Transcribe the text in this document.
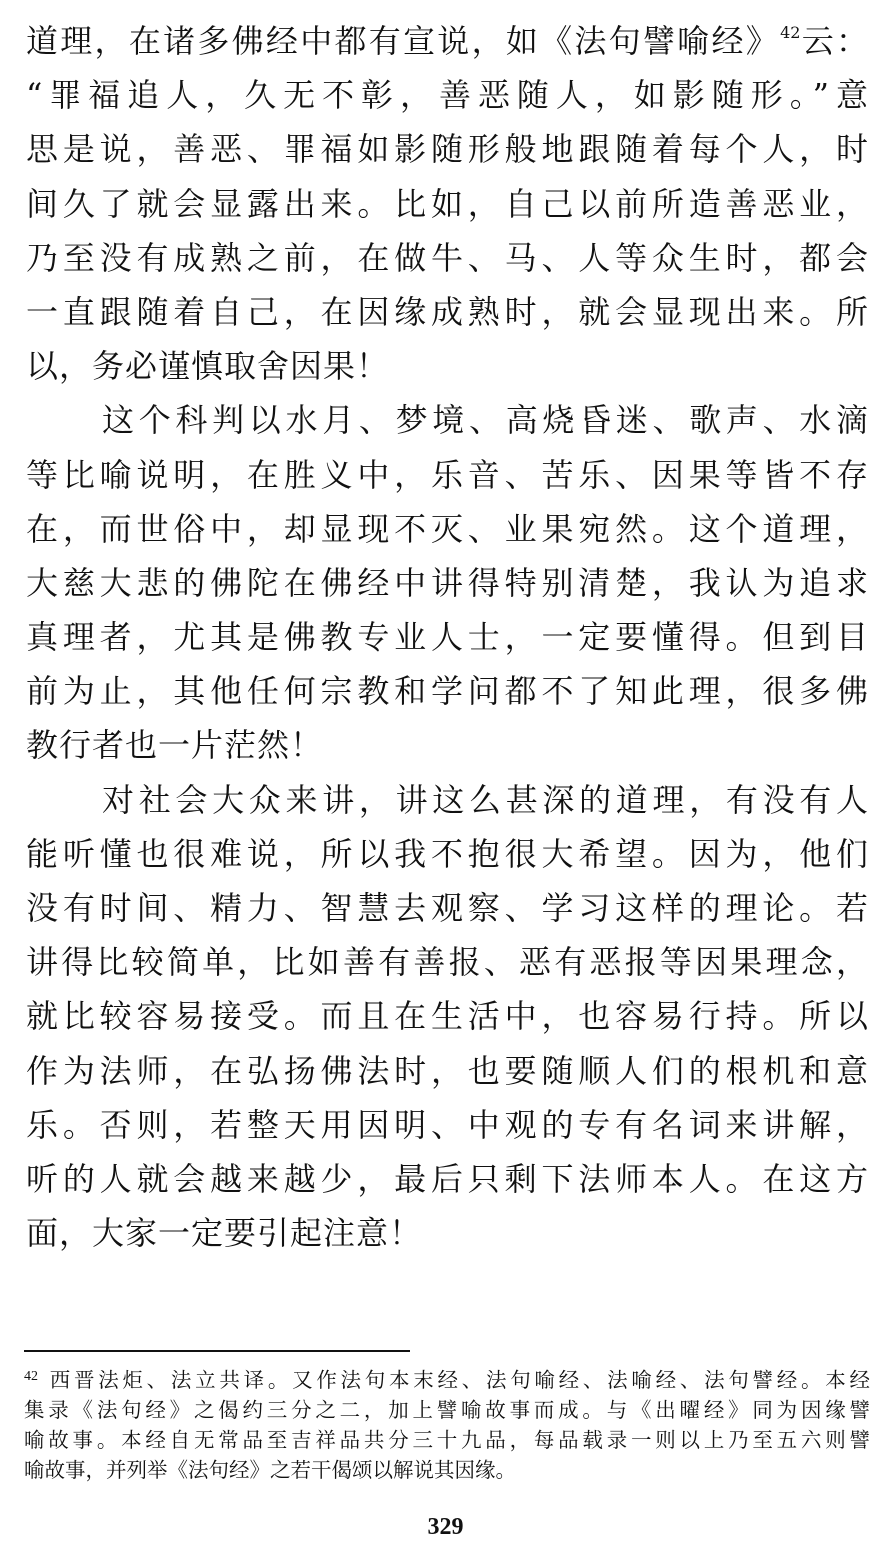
道理，在诸多佛经中都有宣说，如《法句譬喻经》$^{42}$云：
“罪福追人，久无不彰，善恶随人，如影随形。”意
思是说，善恶、罪福如影随形般地跟随着每个人，时
间久了就会显露出来。比如，自己以前所造善恶业，
乃至没有成熟之前，在做牛、马、人等众生时，都会
一直跟随着自己，在因缘成熟时，就会显现出来。所
以，务必谨慎取舍因果！
这个科判以水月、梦境、高烧昏迷、歌声、水滴
等比喻说明，在胜义中，乐音、苦乐、因果等皆不存
在，而世俗中，却显现不灭、业果宛然。这个道理，
大慈大悲的佛陀在佛经中讲得特别清楚，我认为追求
真理者，尤其是佛教专业人士，一定要懂得。但到目
前为止，其他任何宗教和学问都不了知此理，很多佛
教行者也一片茫然！
对社会大众来讲，讲这么甚深的道理，有没有人
能听懂也很难说，所以我不抱很大希望。因为，他们
没有时间、精力、智慧去观察、学习这样的理论。若
讲得比较简单，比如善有善报、恶有恶报等因果理念，
就比较容易接受。而且在生活中，也容易行持。所以
作为法师，在弘扬佛法时，也要随顺人们的根机和意
乐。否则，若整天用因明、中观的专有名词来讲解，
听的人就会越来越少，最后只剩下法师本人。在这方
面，大家一定要引起注意！
$^{42}$ 西晋法炬、法立共译。又作法句本末经、法句喻经、法喻经、法句譬经。本经
集录《法句经》之偈约三分之二，加上譬喻故事而成。与《出曜经》同为因缘譬
喻故事。本经自无常品至吉祥品共分三十九品，每品载录一则以上乃至五六则譬
喻故事，并列举《法句经》之若干偈颂以解说其因缘。
329
